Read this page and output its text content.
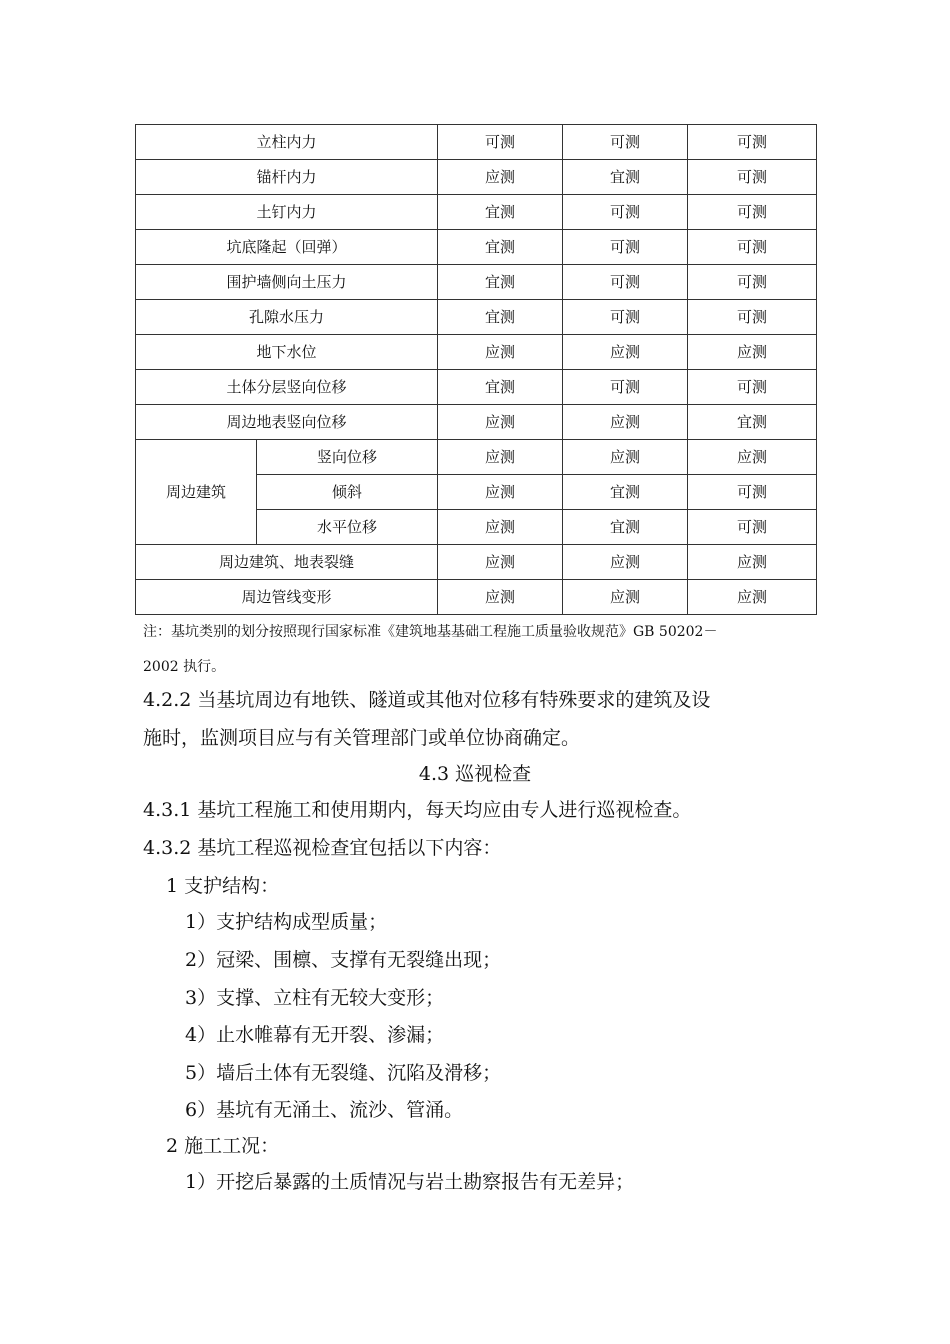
立柱内力		可测	可测	可测
锚杆内力		应测	宜测	可测
土钉内力		宜测	可测	可测
坑底隆起（回弹）		宜测	可测	可测
围护墙侧向土压力		宜测	可测	可测
孔隙水压力		宜测	可测	可测
地下水位		应测	应测	应测
土体分层竖向位移		宜测	可测	可测
周边地表竖向位移		应测	应测	宜测
周边建筑	竖向位移	应测	应测	应测
	倾斜	应测	宜测	可测
	水平位移	应测	宜测	可测
周边建筑、地表裂缝		应测	应测	应测
周边管线变形		应测	应测	应测
注：基坑类别的划分按照现行国家标准《建筑地基基础工程施工质量验收规范》GB 50202－
2002 执行。
4.2.2 当基坑周边有地铁、隧道或其他对位移有特殊要求的建筑及设
施时，监测项目应与有关管理部门或单位协商确定。
4.3 巡视检查
4.3.1 基坑工程施工和使用期内，每天均应由专人进行巡视检查。
4.3.2 基坑工程巡视检查宜包括以下内容：
1 支护结构：
1）支护结构成型质量；
2）冠梁、围檩、支撑有无裂缝出现；
3）支撑、立柱有无较大变形；
4）止水帷幕有无开裂、渗漏；
5）墙后土体有无裂缝、沉陷及滑移；
6）基坑有无涌土、流沙、管涌。
2 施工工况：
1）开挖后暴露的土质情况与岩土勘察报告有无差异；
